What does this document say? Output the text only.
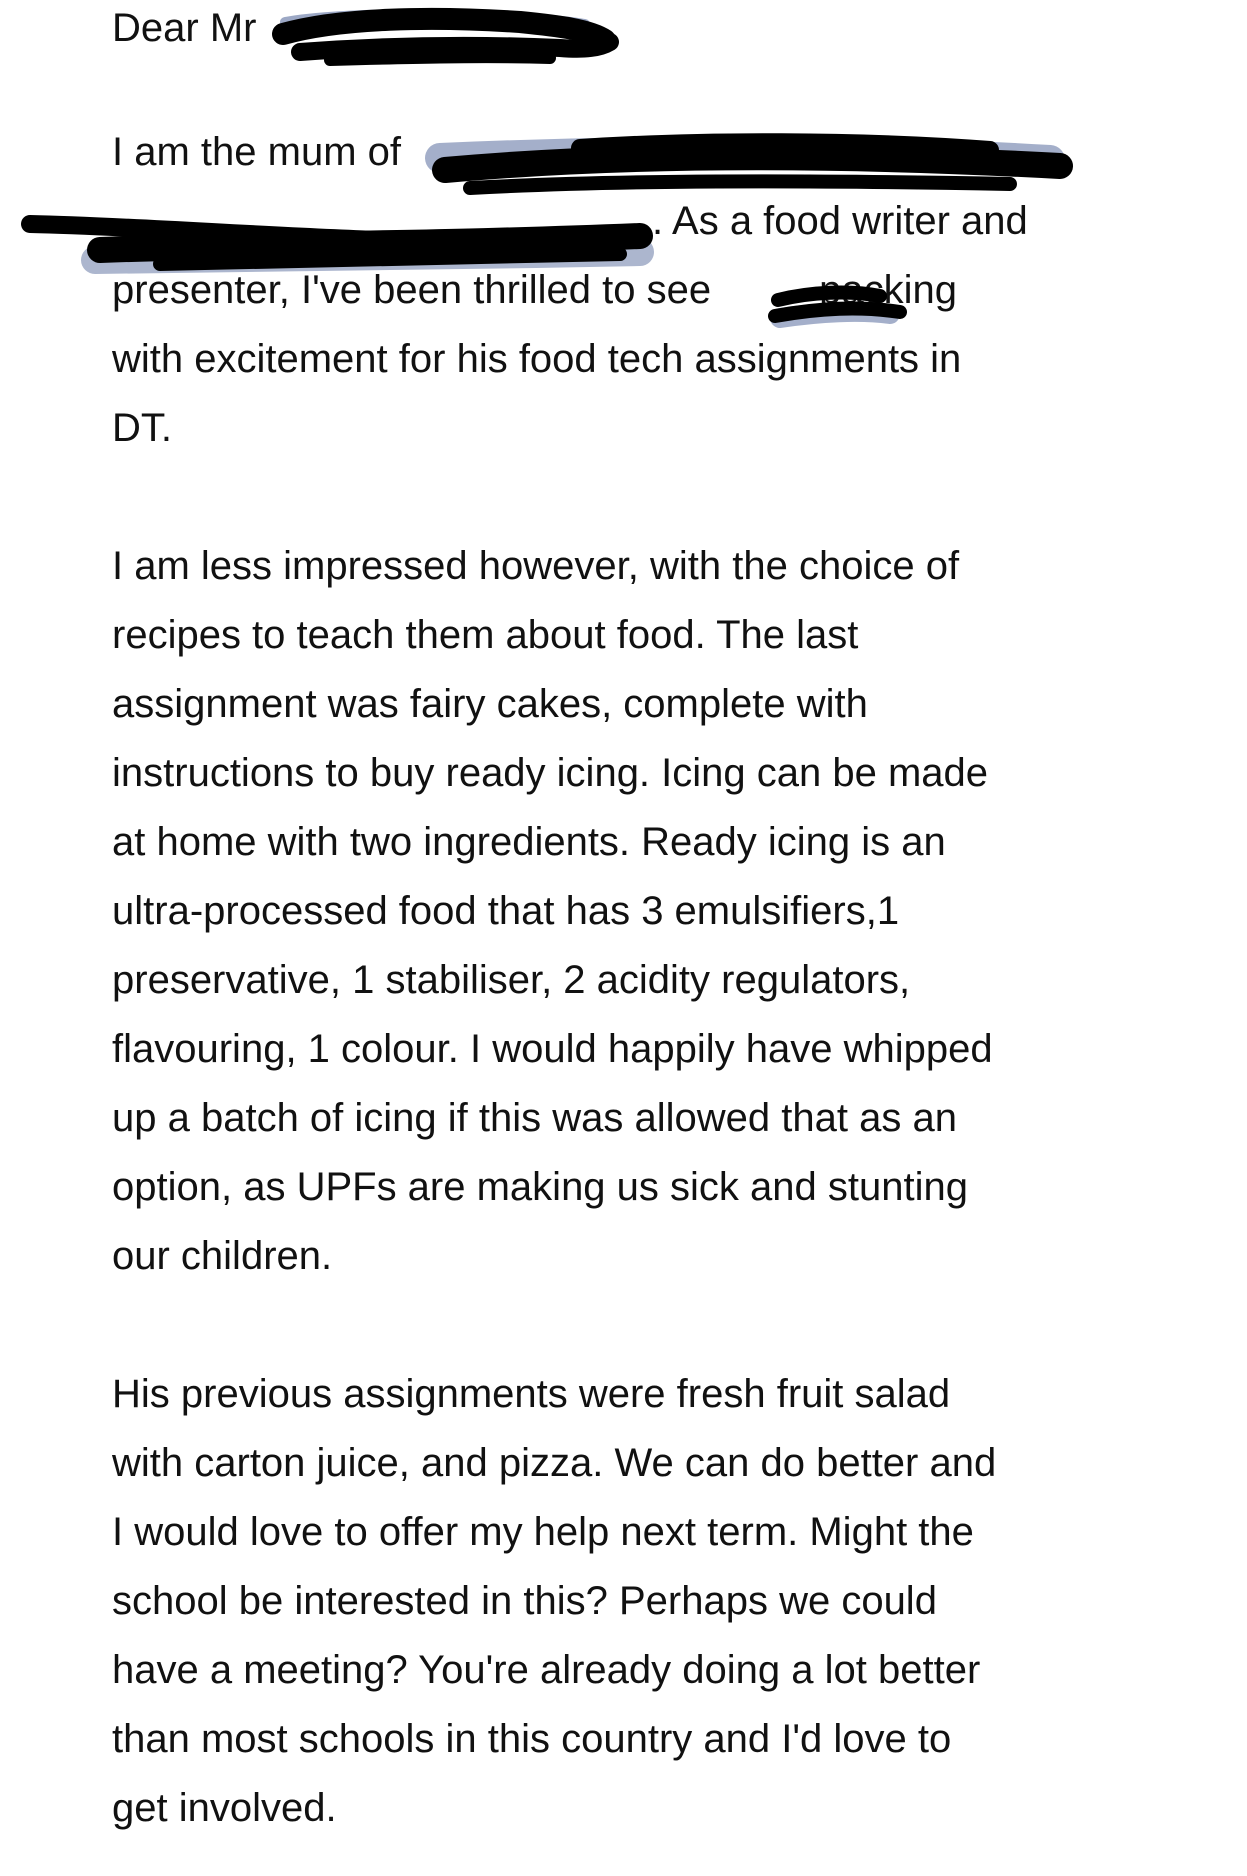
Dear Mr
I am the mum of
. As a food writer and
presenter, I've been thrilled to see	packing
with excitement for his food tech assignments in
DT.
I am less impressed however, with the choice of
recipes to teach them about food. The last
assignment was fairy cakes, complete with
instructions to buy ready icing. Icing can be made
at home with two ingredients. Ready icing is an
ultra-processed food that has 3 emulsifiers,1
preservative, 1 stabiliser, 2 acidity regulators,
flavouring, 1 colour. I would happily have whipped
up a batch of icing if this was allowed that as an
option, as UPFs are making us sick and stunting
our children.
His previous assignments were fresh fruit salad
with carton juice, and pizza. We can do better and
I would love to offer my help next term. Might the
school be interested in this? Perhaps we could
have a meeting? You're already doing a lot better
than most schools in this country and I'd love to
get involved.
